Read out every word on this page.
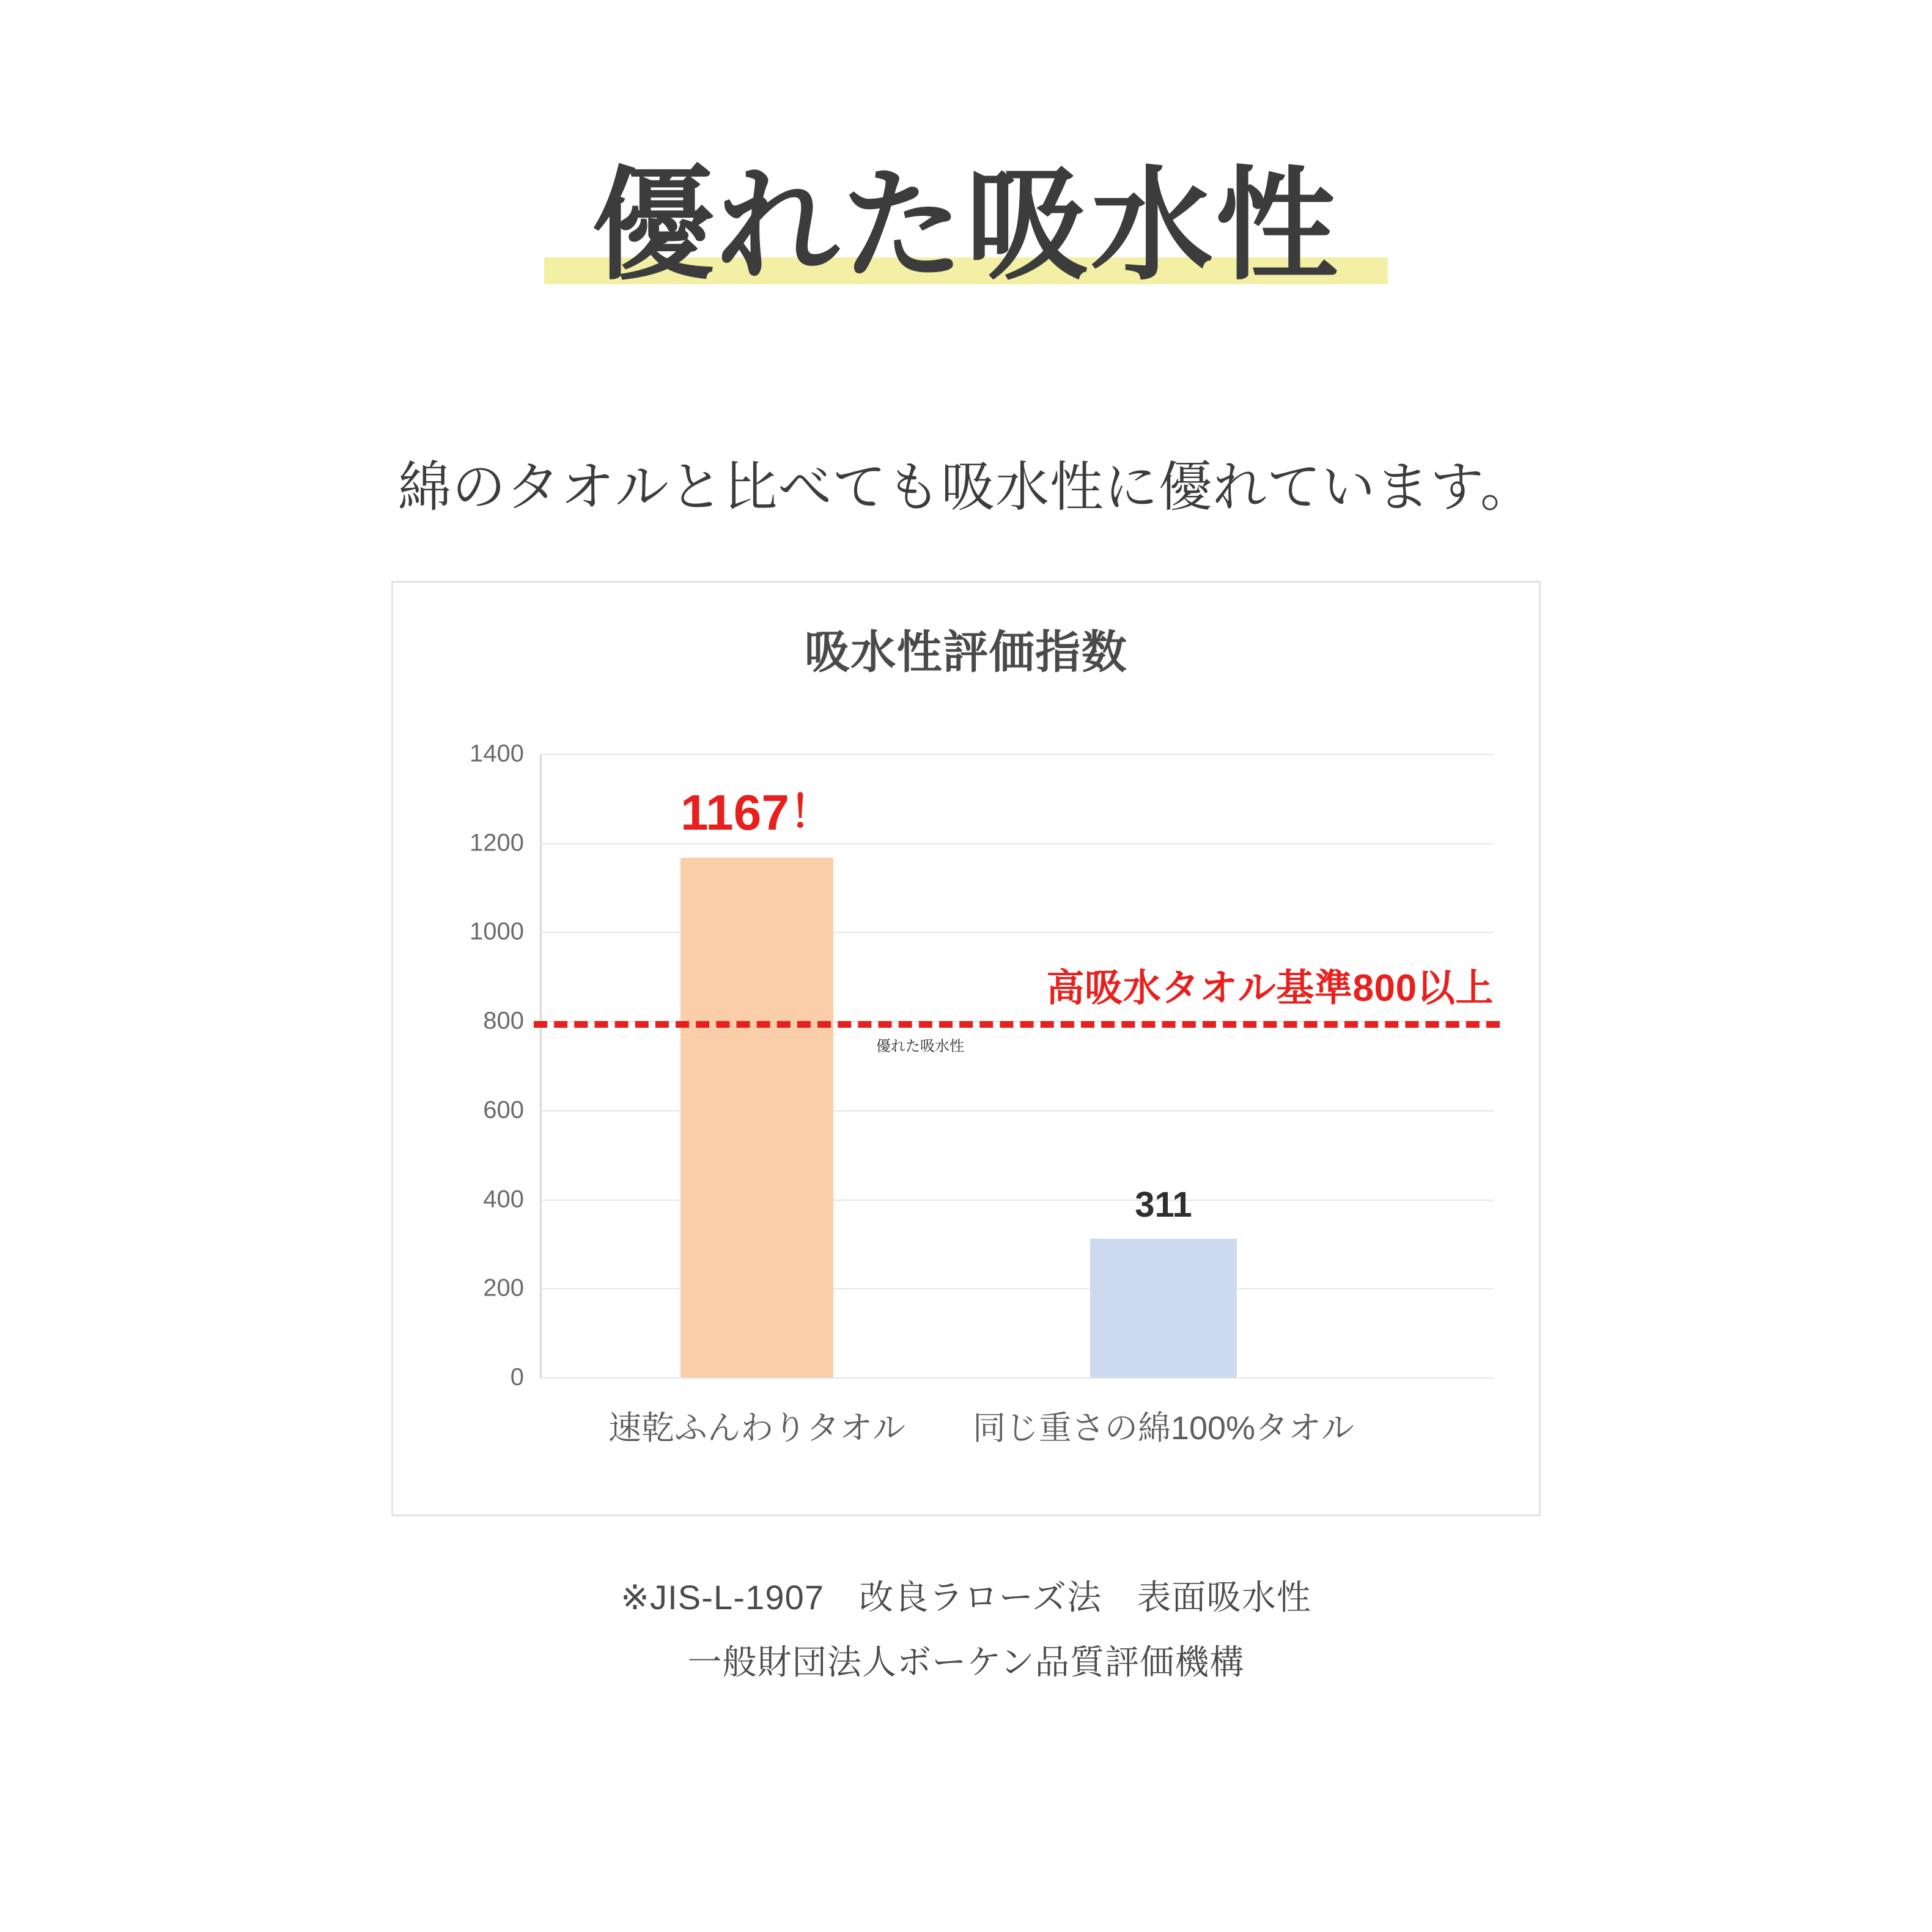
優れた吸水性
綿のタオルと比べても吸水性に優れています。
吸水性評価指数
1400
1200
1000
800
600
400
200
0
1167！
速乾ふんわりタオル
311
同じ重さの綿100%タオル
高吸水タオル基準800以上
優れた吸水性
※JIS-L-1907　改良ラローズ法　表面吸水性
一般財団法人ボーケン品質評価機構
